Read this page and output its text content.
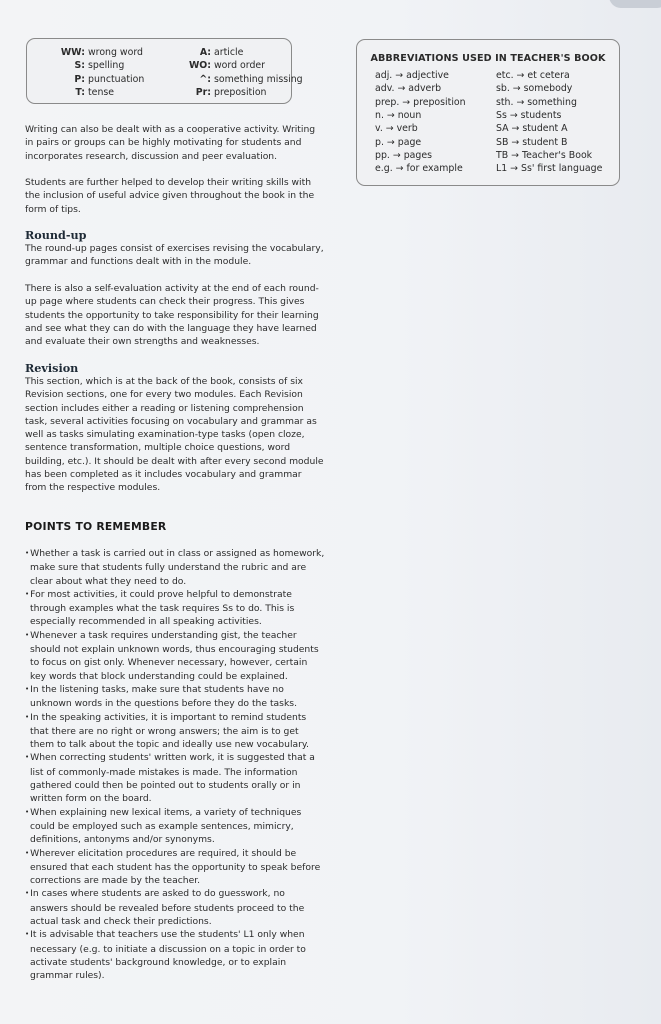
WW: wrong word
S: spelling
P: punctuation
T: tense
A: article
WO: word order
^: something missing
Pr: preposition
ABBREVIATIONS USED IN TEACHER'S BOOK
adj. → adjective
adv. → adverb
prep. → preposition
n. → noun
v. → verb
p. → page
pp. → pages
e.g. → for example
etc. → et cetera
sb. → somebody
sth. → something
Ss → students
SA → student A
SB → student B
TB → Teacher's Book
L1 → Ss' first language

Writing can also be dealt with as a cooperative activity. Writing in pairs or groups can be highly motivating for students and incorporates research, discussion and peer evaluation.

Students are further helped to develop their writing skills with the inclusion of useful advice given throughout the book in the form of tips.

Round-up

The round-up pages consist of exercises revising the vocabulary, grammar and functions dealt with in the module.

There is also a self-evaluation activity at the end of each round-up page where students can check their progress. This gives students the opportunity to take responsibility for their learning and see what they can do with the language they have learned and evaluate their own strengths and weaknesses.

Revision

This section, which is at the back of the book, consists of six Revision sections, one for every two modules. Each Revision section includes either a reading or listening comprehension task, several activities focusing on vocabulary and grammar as well as tasks simulating examination-type tasks (open cloze, sentence transformation, multiple choice questions, word building, etc.). It should be dealt with after every second module has been completed as it includes vocabulary and grammar from the respective modules.

POINTS TO REMEMBER
• Whether a task is carried out in class or assigned as homework, make sure that students fully understand the rubric and are clear about what they need to do.
• For most activities, it could prove helpful to demonstrate through examples what the task requires Ss to do. This is especially recommended in all speaking activities.
• Whenever a task requires understanding gist, the teacher should not explain unknown words, thus encouraging students to focus on gist only. Whenever necessary, however, certain key words that block understanding could be explained.
• In the listening tasks, make sure that students have no unknown words in the questions before they do the tasks.
• In the speaking activities, it is important to remind students that there are no right or wrong answers; the aim is to get them to talk about the topic and ideally use new vocabulary.
• When correcting students' written work, it is suggested that a list of commonly-made mistakes is made. The information gathered could then be pointed out to students orally or in written form on the board.
• When explaining new lexical items, a variety of techniques could be employed such as example sentences, mimicry, definitions, antonyms and/or synonyms.
• Wherever elicitation procedures are required, it should be ensured that each student has the opportunity to speak before corrections are made by the teacher.
• In cases where students are asked to do guesswork, no answers should be revealed before students proceed to the actual task and check their predictions.
• It is advisable that teachers use the students' L1 only when necessary (e.g. to initiate a discussion on a topic in order to activate students' background knowledge, or to explain grammar rules).
